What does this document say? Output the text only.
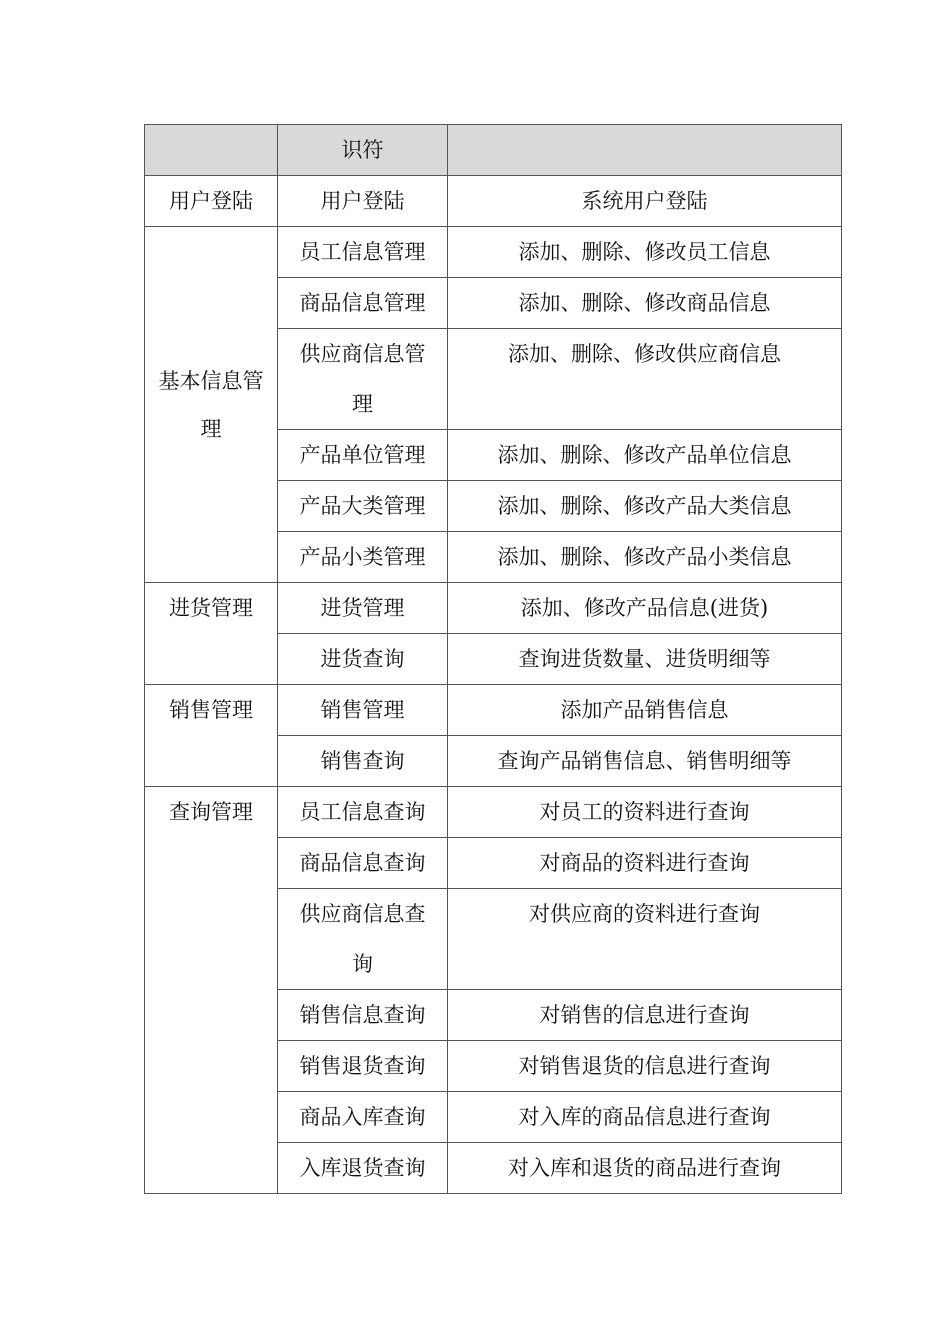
	识符	
用户登陆	用户登陆	系统用户登陆
基本信息管理	员工信息管理	添加、删除、修改员工信息
	商品信息管理	添加、删除、修改商品信息
	供应商信息管理	添加、删除、修改供应商信息
	产品单位管理	添加、删除、修改产品单位信息
	产品大类管理	添加、删除、修改产品大类信息
	产品小类管理	添加、删除、修改产品小类信息
进货管理	进货管理	添加、修改产品信息(进货)
	进货查询	查询进货数量、进货明细等
销售管理	销售管理	添加产品销售信息
	销售查询	查询产品销售信息、销售明细等
查询管理	员工信息查询	对员工的资料进行查询
	商品信息查询	对商品的资料进行查询
	供应商信息查询	对供应商的资料进行查询
	销售信息查询	对销售的信息进行查询
	销售退货查询	对销售退货的信息进行查询
	商品入库查询	对入库的商品信息进行查询
	入库退货查询	对入库和退货的商品进行查询
